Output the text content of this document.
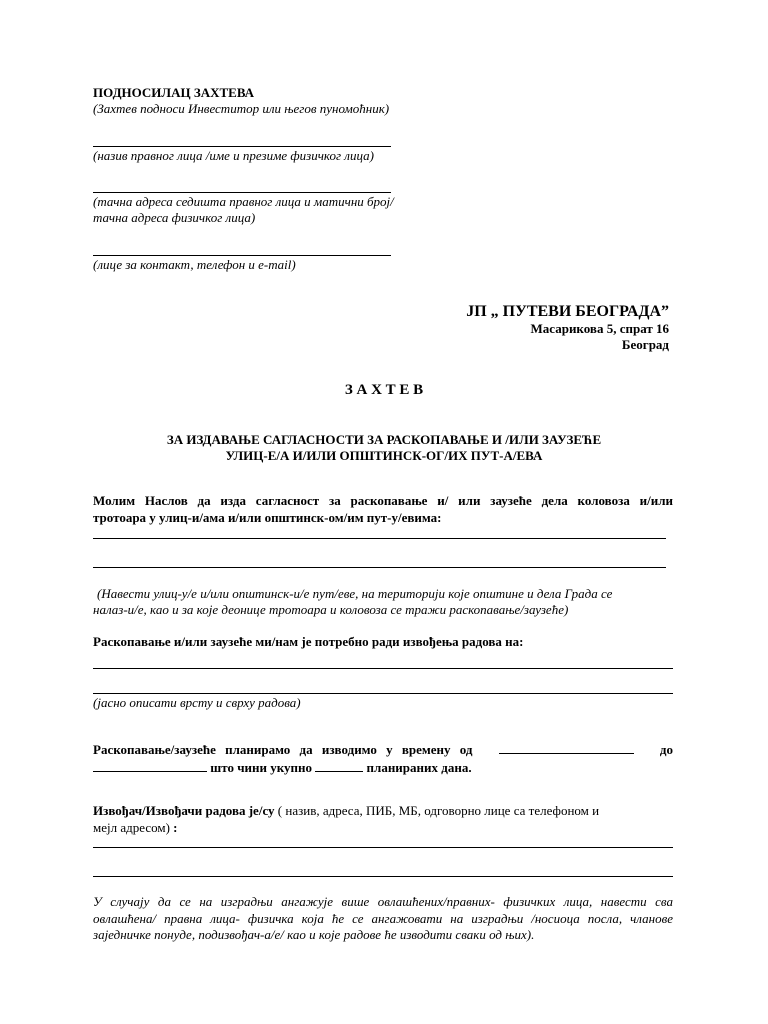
ПОДНОСИЛАЦ ЗАХТЕВА
(Захтев подноси Инвеститор или његов пуномоћник)
(назив правног лица /име и презиме физичког лица)
(тачна адреса седишта правног лица и матични број/
тачна адреса физичког лица)
(лице за контакт, телефон и e-mail)
ЈП „ ПУТЕВИ БЕОГРАДА”
Масарикова 5, спрат 16
Београд
З А Х Т Е В
ЗА ИЗДАВАЊЕ САГЛАСНОСТИ ЗА РАСКОПАВАЊЕ И /ИЛИ ЗАУЗЕЋЕ
УЛИЦ-Е/А И/ИЛИ ОПШТИНСК-ОГ/ИХ ПУТ-А/ЕВА
Молим Наслов да изда сагласност за раскопавање и/ или заузеће дела коловоза и/или
тротоара у улиц-и/ама и/или општинск-ом/им пут-у/евима:
(Навести улиц-у/е и/или општинск-и/е пут/еве, на територији које општине и дела Града се
налаз-и/е, као и за које деонице тротоара и коловоза се тражи раскопавање/заузеће)
Раскопавање и/или заузеће ми/нам је потребно ради извођења радова на:
(јасно описати врсту и сврху радова)
Раскопавање/заузеће планирамо да изводимо у времену од	до
што чини укупно	планираних дана.
Извођач/Извођачи радова је/су ( назив, адреса, ПИБ, МБ, одговорно лице са телефоном и
мејл адресом) :
У случају да се на изградњи ангажује више овлашћених/правних- физичких лица, навести сва
овлашћена/ правна лица- физичка која ће се ангажовати на изградњи /носиоца посла, чланове
заједничке понуде, подизвођач-а/е/ као и које радове ће изводити сваки од њих).
